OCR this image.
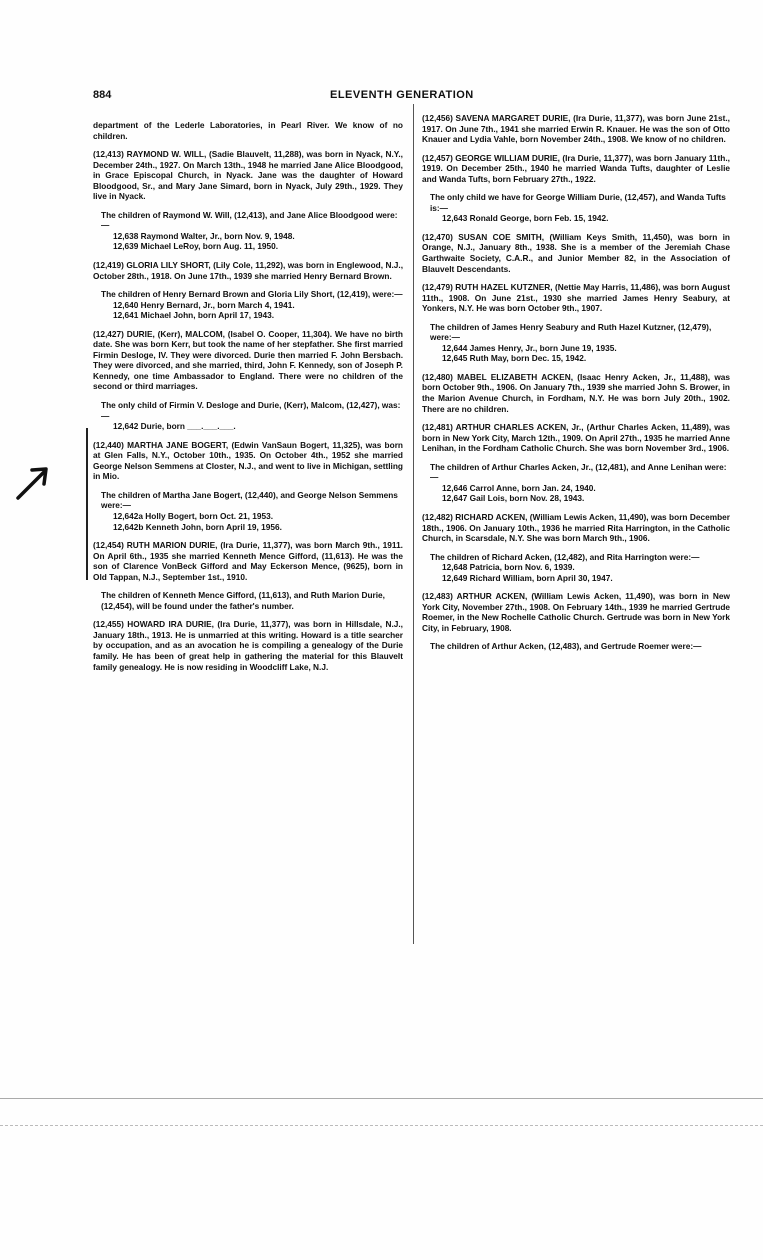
884	ELEVENTH GENERATION
department of the Lederle Laboratories, in Pearl River. We know of no children.
(12,413) RAYMOND W. WILL, (Sadie Blauvelt, 11,288), was born in Nyack, N.Y., December 24th., 1927. On March 13th., 1948 he married Jane Alice Bloodgood, in Grace Episcopal Church, in Nyack. Jane was the daughter of Howard Bloodgood, Sr., and Mary Jane Simard, born in Nyack, July 29th., 1929. They live in Nyack.
The children of Raymond W. Will, (12,413), and Jane Alice Bloodgood were:—
12,638 Raymond Walter, Jr., born Nov. 9, 1948.
12,639 Michael LeRoy, born Aug. 11, 1950.
(12,419) GLORIA LILY SHORT, (Lily Cole, 11,292), was born in Englewood, N.J., October 28th., 1918. On June 17th., 1939 she married Henry Bernard Brown.
The children of Henry Bernard Brown and Gloria Lily Short, (12,419), were:—
12,640 Henry Bernard, Jr., born March 4, 1941.
12,641 Michael John, born April 17, 1943.
(12,427) DURIE, (Kerr), MALCOM, (Isabel O. Cooper, 11,304). We have no birth date. She was born Kerr, but took the name of her stepfather. She first married Firmin Desloge, IV. They were divorced. Durie then married F. John Bersbach. They were divorced, and she married, third, John F. Kennedy, son of Joseph P. Kennedy, one time Ambassador to England. There were no children of the second or third marriages.
The only child of Firmin V. Desloge and Durie, (Kerr), Malcom, (12,427), was:—
12,642 Durie, born ___.___.___.
(12,440) MARTHA JANE BOGERT, (Edwin VanSaun Bogert, 11,325), was born at Glen Falls, N.Y., October 10th., 1935. On October 4th., 1952 she married George Nelson Semmens at Closter, N.J., and went to live in Michigan, settling in Mio.
The children of Martha Jane Bogert, (12,440), and George Nelson Semmens were:—
12,642a Holly Bogert, born Oct. 21, 1953.
12,642b Kenneth John, born April 19, 1956.
(12,454) RUTH MARION DURIE, (Ira Durie, 11,377), was born March 9th., 1911. On April 6th., 1935 she married Kenneth Mence Gifford, (11,613). He was the son of Clarence VonBeck Gifford and May Eckerson Mence, (9625), born in Old Tappan, N.J., September 1st., 1910.
The children of Kenneth Mence Gifford, (11,613), and Ruth Marion Durie, (12,454), will be found under the father's number.
(12,455) HOWARD IRA DURIE, (Ira Durie, 11,377), was born in Hillsdale, N.J., January 18th., 1913. He is unmarried at this writing. Howard is a title searcher by occupation, and as an avocation he is compiling a genealogy of the Durie family. He has been of great help in gathering the material for this Blauvelt family genealogy. He is now residing in Woodcliff Lake, N.J.
(12,456) SAVENA MARGARET DURIE, (Ira Durie, 11,377), was born June 21st., 1917. On June 7th., 1941 she married Erwin R. Knauer. He was the son of Otto Knauer and Lydia Vahle, born November 24th., 1908. We know of no children.
(12,457) GEORGE WILLIAM DURIE, (Ira Durie, 11,377), was born January 11th., 1919. On December 25th., 1940 he married Wanda Tufts, daughter of Leslie and Wanda Tufts, born February 27th., 1922.
The only child we have for George William Durie, (12,457), and Wanda Tufts is:—
12,643 Ronald George, born Feb. 15, 1942.
(12,470) SUSAN COE SMITH, (William Keys Smith, 11,450), was born in Orange, N.J., January 8th., 1938. She is a member of the Jeremiah Chase Garthwaite Society, C.A.R., and Junior Member 82, in the Association of Blauvelt Descendants.
(12,479) RUTH HAZEL KUTZNER, (Nettie May Harris, 11,486), was born August 11th., 1908. On June 21st., 1930 she married James Henry Seabury, at Yonkers, N.Y. He was born October 9th., 1907.
The children of James Henry Seabury and Ruth Hazel Kutzner, (12,479), were:—
12,644 James Henry, Jr., born June 19, 1935.
12,645 Ruth May, born Dec. 15, 1942.
(12,480) MABEL ELIZABETH ACKEN, (Isaac Henry Acken, Jr., 11,488), was born October 9th., 1906. On January 7th., 1939 she married John S. Brower, in the Marion Avenue Church, in Fordham, N.Y. He was born July 20th., 1902. There are no children.
(12,481) ARTHUR CHARLES ACKEN, Jr., (Arthur Charles Acken, 11,489), was born in New York City, March 12th., 1909. On April 27th., 1935 he married Anne Lenihan, in the Fordham Catholic Church. She was born November 3rd., 1906.
The children of Arthur Charles Acken, Jr., (12,481), and Anne Lenihan were:—
12,646 Carrol Anne, born Jan. 24, 1940.
12,647 Gail Lois, born Nov. 28, 1943.
(12,482) RICHARD ACKEN, (William Lewis Acken, 11,490), was born December 18th., 1906. On January 10th., 1936 he married Rita Harrington, in the Catholic Church, in Scarsdale, N.Y. She was born March 9th., 1906.
The children of Richard Acken, (12,482), and Rita Harrington were:—
12,648 Patricia, born Nov. 6, 1939.
12,649 Richard William, born April 30, 1947.
(12,483) ARTHUR ACKEN, (William Lewis Acken, 11,490), was born in New York City, November 27th., 1908. On February 14th., 1939 he married Gertrude Roemer, in the New Rochelle Catholic Church. Gertrude was born in New York City, in February, 1908.
The children of Arthur Acken, (12,483), and Gertrude Roemer were:—
